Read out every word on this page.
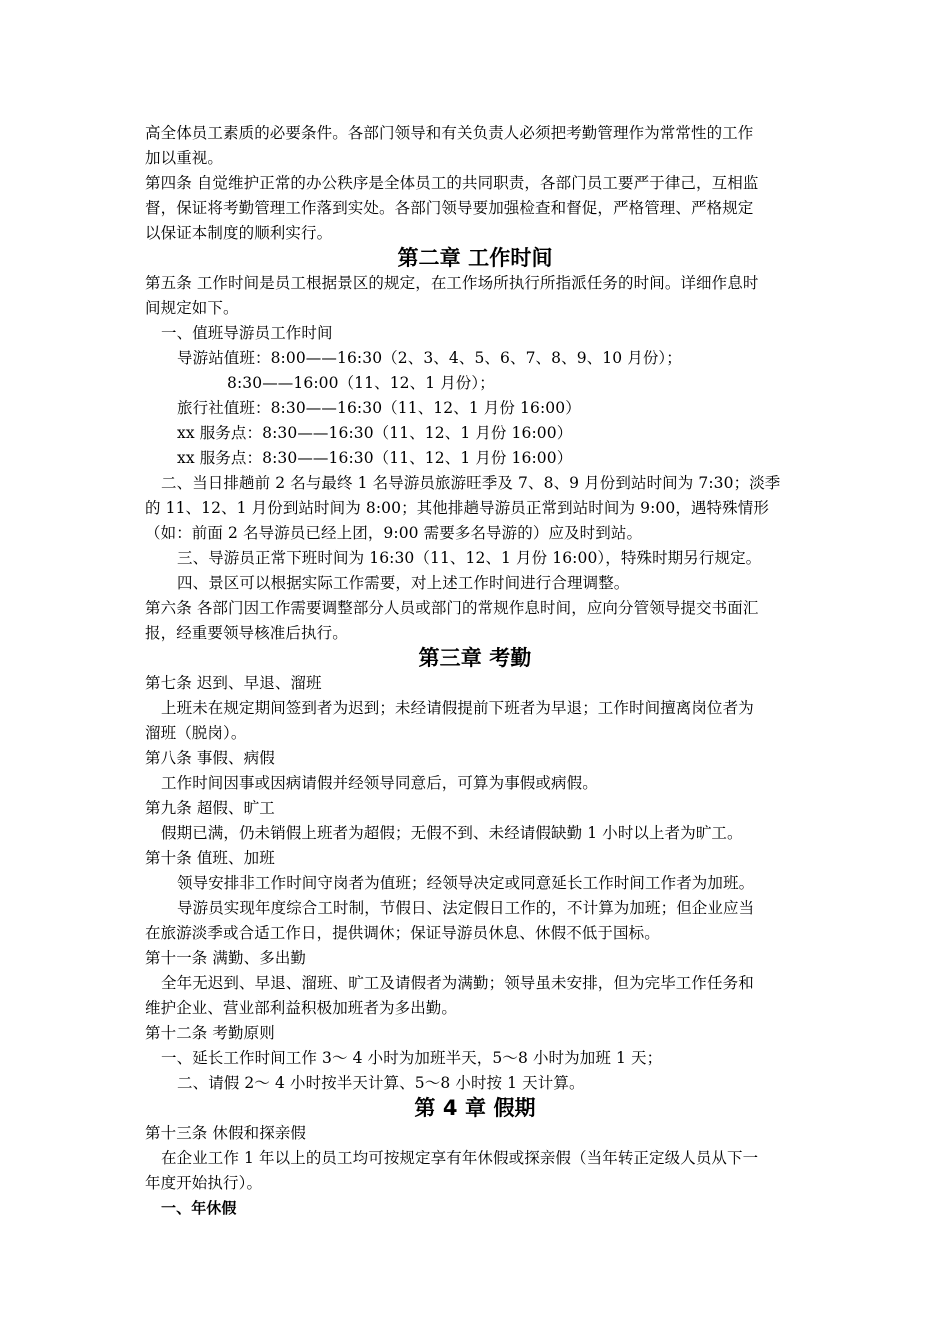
高全体员工素质的必要条件。各部门领导和有关负责人必须把考勤管理作为常常性的工作
加以重视。
第四条 自觉维护正常的办公秩序是全体员工的共同职责，各部门员工要严于律己，互相监
督，保证将考勤管理工作落到实处。各部门领导要加强检查和督促，严格管理、严格规定
以保证本制度的顺利实行。
第二章 工作时间
第五条 工作时间是员工根据景区的规定，在工作场所执行所指派任务的时间。详细作息时
间规定如下。
一、值班导游员工作时间
导游站值班：8:00——16:30（2、3、4、5、6、7、8、9、10 月份）；
8:30——16:00（11、12、1 月份）；
旅行社值班：8:30——16:30（11、12、1 月份 16:00）
xx 服务点：8:30——16:30（11、12、1 月份 16:00）
xx 服务点：8:30——16:30（11、12、1 月份 16:00）
二、当日排趟前 2 名与最终 1 名导游员旅游旺季及 7、8、9 月份到站时间为 7:30；淡季
的 11、12、1 月份到站时间为 8:00；其他排趟导游员正常到站时间为 9:00，遇特殊情形
（如：前面 2 名导游员已经上团，9:00 需要多名导游的）应及时到站。
三、导游员正常下班时间为 16:30（11、12、1 月份 16:00），特殊时期另行规定。
四、景区可以根据实际工作需要，对上述工作时间进行合理调整。
第六条 各部门因工作需要调整部分人员或部门的常规作息时间，应向分管领导提交书面汇
报，经重要领导核准后执行。
第三章 考勤
第七条 迟到、早退、溜班
上班未在规定期间签到者为迟到；未经请假提前下班者为早退；工作时间擅离岗位者为
溜班（脱岗）。
第八条 事假、病假
工作时间因事或因病请假并经领导同意后，可算为事假或病假。
第九条 超假、旷工
假期已满，仍未销假上班者为超假；无假不到、未经请假缺勤 1 小时以上者为旷工。
第十条 值班、加班
领导安排非工作时间守岗者为值班；经领导决定或同意延长工作时间工作者为加班。
导游员实现年度综合工时制，节假日、法定假日工作的，不计算为加班；但企业应当
在旅游淡季或合适工作日，提供调休；保证导游员休息、休假不低于国标。
第十一条 满勤、多出勤
全年无迟到、早退、溜班、旷工及请假者为满勤；领导虽未安排，但为完毕工作任务和
维护企业、营业部利益积极加班者为多出勤。
第十二条 考勤原则
一、延长工作时间工作 3～ 4 小时为加班半天，5～8 小时为加班 1 天；
二、请假 2～ 4 小时按半天计算、5～8 小时按 1 天计算。
第 4 章 假期
第十三条 休假和探亲假
在企业工作 1 年以上的员工均可按规定享有年休假或探亲假（当年转正定级人员从下一
年度开始执行）。
一、年休假
